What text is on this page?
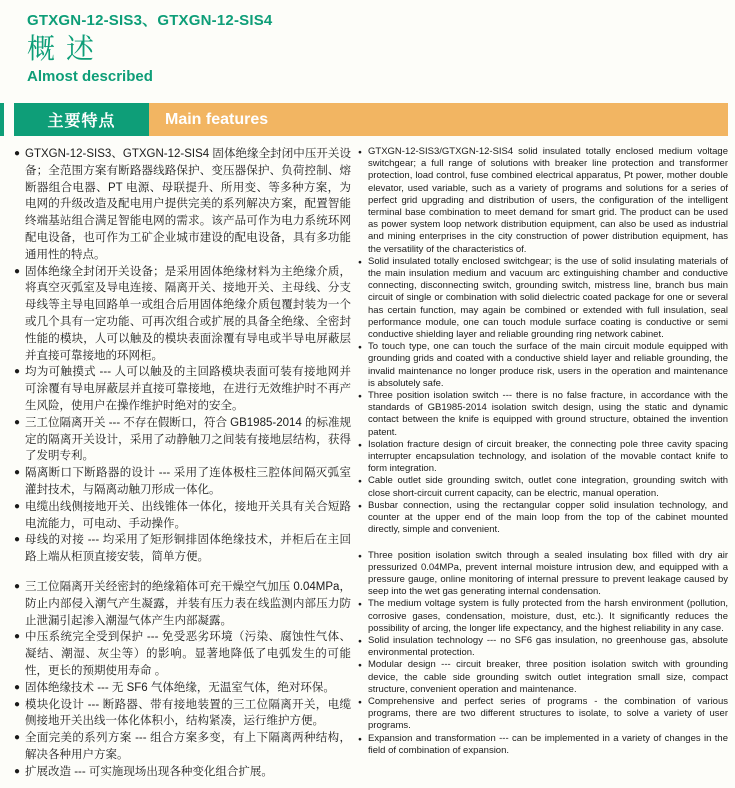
GTXGN-12-SIS3、GTXGN-12-SIS4
概 述
Almost described
主要特点	Main features
● GTXGN-12-SIS3、GTXGN-12-SIS4 固体绝缘全封闭中压开关设备；全范围方案有断路器线路保护、变压器保护、负荷控制、熔断器组合电器、PT 电源、母联提升、所用变、等多种方案，为电网的升级改造及配电用户提供完美的系列解决方案，配置智能终端基站组合满足智能电网的需求。该产品可作为电力系统环网配电设备，也可作为工矿企业城市建设的配电设备，具有多功能通用性的特点。
● 固体绝缘全封闭开关设备；是采用固体绝缘材料为主绝缘介质，将真空灭弧室及导电连接、隔离开关、接地开关、主母线、分支母线等主导电回路单一或组合后用固体绝缘介质包覆封装为一个或几个具有一定功能、可再次组合或扩展的具备全绝缘、全密封性能的模块，人可以触及的模块表面涂覆有导电或半导电屏蔽层并直接可靠接地的环网柜。
● 均为可触摸式 --- 人可以触及的主回路模块表面可装有接地网并可涂覆有导电屏蔽层并直接可靠接地，在进行无效维护时不再产生风险，使用户在操作维护时绝对的安全。
● 三工位隔离开关 --- 不存在假断口，符合 GB1985-2014 的标准规定的隔离开关设计，采用了动静触刀之间装有接地层结构，获得了发明专利。
● 隔离断口下断路器的设计 --- 采用了连体极柱三腔体间隔灭弧室灌封技术，与隔离动触刀形成一体化。
● 电缆出线侧接地开关、出线锥体一体化，接地开关具有关合短路电流能力，可电动、手动操作。
● 母线的对接 --- 均采用了矩形铜排固体绝缘技术，并柜后在主回路上端从柜顶直接安装，简单方便。
● 三工位隔离开关经密封的绝缘箱体可充干燥空气加压 0.04MPa，防止内部侵入潮气产生凝露，并装有压力表在线监测内部压力防止泄漏引起渗入潮湿气体产生内部凝露。
● 中压系统完全受到保护 --- 免受恶劣环境（污染、腐蚀性气体、凝结、潮湿、灰尘等）的影响。显著地降低了电弧发生的可能性，更长的预期使用寿命 。
● 固体绝缘技术 --- 无 SF6 气体绝缘，无温室气体，绝对环保。
● 模块化设计 --- 断路器、带有接地装置的三工位隔离开关，电缆侧接地开关出线一体化体积小，结构紧凑，运行维护方便。
● 全面完美的系列方案 --- 组合方案多变，有上下隔离两种结构，解决各种用户方案。
● 扩展改造 --- 可实施现场出现各种变化组合扩展。
● GTXGN-12-SIS3/GTXGN-12-SIS4 solid insulated totally enclosed medium voltage switchgear; a full range of solutions with breaker line protection and transformer protection, load control, fuse combined electrical apparatus, Pt power, mother double elevator, used variable, such as a variety of programs and solutions for a series of perfect grid upgrading and distribution of users, the configuration of the intelligent terminal base combination to meet demand for smart grid. The product can be used as power system loop network distribution equipment, can also be used as industrial and mining enterprises in the city construction of power distribution equipment, has the versatility of the characteristics of.
● Solid insulated totally enclosed switchgear; is the use of solid insulating materials of the main insulation medium and vacuum arc extinguishing chamber and conductive connecting, disconnecting switch, grounding switch, mistress line, branch bus main circuit of single or combination with solid dielectric coated package for one or several has certain function, may again be combined or extended with full insulation, seal performance module, one can touch module surface coating is conductive or semi conductive shielding layer and reliable grounding ring network cabinet.
● To touch type, one can touch the surface of the main circuit module equipped with grounding grids and coated with a conductive shield layer and reliable grounding, the invalid maintenance no longer produce risk, users in the operation and maintenance is absolutely safe.
● Three position isolation switch --- there is no false fracture, in accordance with the standards of GB1985-2014 isolation switch design, using the static and dynamic contact between the knife is equipped with ground structure, obtained the invention patent.
● Isolation fracture design of circuit breaker, the connecting pole three cavity spacing interrupter encapsulation technology, and isolation of the movable contact knife to form integration.
● Cable outlet side grounding switch, outlet cone integration, grounding switch with close short-circuit current capacity, can be electric, manual operation.
● Busbar connection, using the rectangular copper solid insulation technology, and counter at the upper end of the main loop from the top of the cabinet mounted directly, simple and convenient.
● Three position isolation switch through a sealed insulating box filled with dry air pressurized 0.04MPa, prevent internal moisture intrusion dew, and equipped with a pressure gauge, online monitoring of internal pressure to prevent leakage caused by seep into the wet gas generating internal condensation.
● The medium voltage system is fully protected from the harsh environment (pollution, corrosive gases, condensation, moisture, dust, etc.). It significantly reduces the possibility of arcing, the longer life expectancy, and the highest reliability in any case.
● Solid insulation technology --- no SF6 gas insulation, no greenhouse gas, absolute environmental protection.
● Modular design --- circuit breaker, three position isolation switch with grounding device, the cable side grounding switch outlet integration small size, compact structure, convenient operation and maintenance.
● Comprehensive and perfect series of programs - the combination of various programs, there are two different structures to isolate, to solve a variety of user programs.
● Expansion and transformation --- can be implemented in a variety of changes in the field of combination of expansion.
